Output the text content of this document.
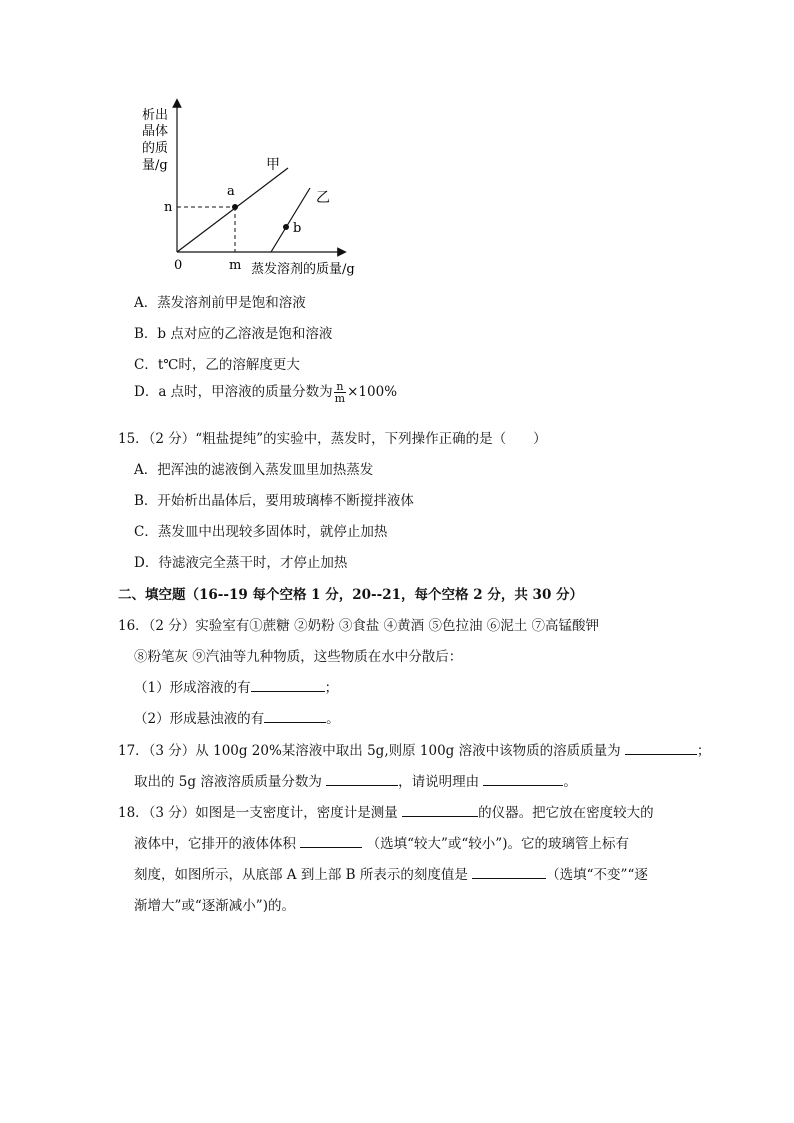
析出
晶体
的质
量/g	甲
乙
a
b
n
0	m 蒸发溶剂的质量/g
A．蒸发溶剂前甲是饱和溶液
B．b 点对应的乙溶液是饱和溶液
C．t℃时，乙的溶解度更大
D．a 点时，甲溶液的质量分数为 $\frac{n}{m} \times 100\%$
15．（2 分）“粗盐提纯”的实验中，蒸发时，下列操作正确的是（　　）
A．把浑浊的滤液倒入蒸发皿里加热蒸发
B．开始析出晶体后，要用玻璃棒不断搅拌液体
C．蒸发皿中出现较多固体时，就停止加热
D．待滤液完全蒸干时，才停止加热
二、填空题（16--19 每个空格 1 分，20--21，每个空格 2 分，共 30 分）
16．（2 分）实验室有①蔗糖 ②奶粉 ③食盐 ④黄酒 ⑤色拉油 ⑥泥土 ⑦高锰酸钾
⑧粉笔灰 ⑨汽油等九种物质，这些物质在水中分散后：
（1）形成溶液的有	；
（2）形成悬浊液的有	。
17．（3 分）从 100g 20%某溶液中取出 5g,则原 100g 溶液中该物质的溶质质量为	；
取出的 5g 溶液溶质质量分数为	，请说明理由	。
18．（3 分）如图是一支密度计，密度计是测量	的仪器。把它放在密度较大的
液体中，它排开的液体体积	（选填“较大”或“较小”)。它的玻璃管上标有
刻度，如图所示，从底部 A 到上部 B 所表示的刻度值是	（选填“不变”“逐
渐增大”或“逐渐减小”)的。
